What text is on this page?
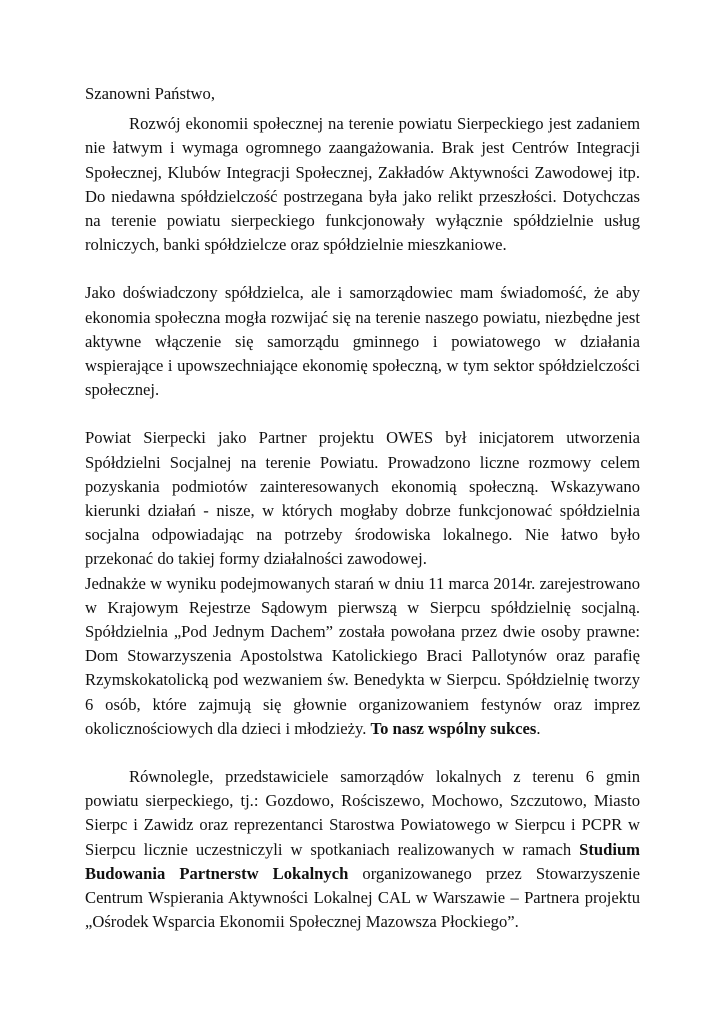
Szanowni Państwo,

Rozwój ekonomii społecznej na terenie powiatu Sierpeckiego jest zadaniem nie łatwym i wymaga ogromnego zaangażowania. Brak jest Centrów Integracji Społecznej, Klubów Integracji Społecznej, Zakładów Aktywności Zawodowej itp. Do niedawna spółdzielczość postrzegana była jako relikt przeszłości. Dotychczas na terenie powiatu sierpeckiego funkcjonowały wyłącznie spółdzielnie usług rolniczych, banki spółdzielcze oraz spółdzielnie mieszkaniowe.

Jako doświadczony spółdzielca, ale i samorządowiec mam świadomość, że aby ekonomia społeczna mogła rozwijać się na terenie naszego powiatu, niezbędne jest aktywne włączenie się samorządu gminnego i powiatowego w działania wspierające i upowszechniające ekonomię społeczną, w tym sektor spółdzielczości społecznej.

Powiat Sierpecki jako Partner projektu OWES był inicjatorem utworzenia Spółdzielni Socjalnej na terenie Powiatu. Prowadzono liczne rozmowy celem pozyskania podmiotów zainteresowanych ekonomią społeczną. Wskazywano kierunki działań - nisze, w których mogłaby dobrze funkcjonować spółdzielnia socjalna odpowiadając na potrzeby środowiska lokalnego. Nie łatwo było przekonać do takiej formy działalności zawodowej.

Jednakże w wyniku podejmowanych starań w dniu 11 marca 2014r. zarejestrowano w Krajowym Rejestrze Sądowym pierwszą w Sierpcu spółdzielnię socjalną. Spółdzielnia „Pod Jednym Dachem” została powołana przez dwie osoby prawne: Dom Stowarzyszenia Apostolstwa Katolickiego Braci Pallotynów oraz parafię Rzymskokatolicką pod wezwaniem św. Benedykta w Sierpcu. Spółdzielnię tworzy 6 osób, które zajmują się głownie organizowaniem festynów oraz imprez okolicznościowych dla dzieci i młodzieży. To nasz wspólny sukces.

Równolegle, przedstawiciele samorządów lokalnych z terenu 6 gmin powiatu sierpeckiego, tj.: Gozdowo, Rościszewo, Mochowo, Szczutowo, Miasto Sierpc i Zawidz oraz reprezentanci Starostwa Powiatowego w Sierpcu i PCPR w Sierpcu licznie uczestniczyli w spotkaniach realizowanych w ramach Studium Budowania Partnerstw Lokalnych organizowanego przez Stowarzyszenie Centrum Wspierania Aktywności Lokalnej CAL w Warszawie – Partnera projektu „Ośrodek Wsparcia Ekonomii Społecznej Mazowsza Płockiego”.
